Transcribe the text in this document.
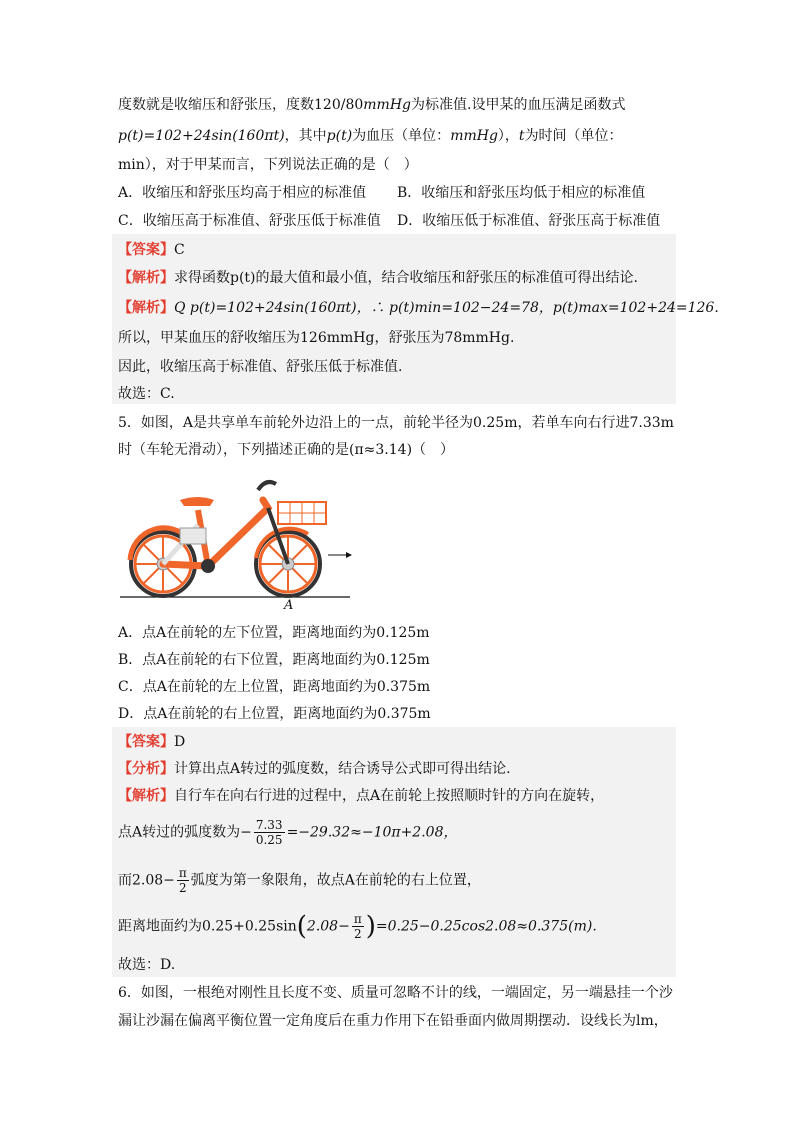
度数就是收缩压和舒张压，度数120/80mmHg为标准值.设甲某的血压满足函数式
p(t)=102+24sin(160πt)，其中p(t)为血压（单位：mmHg），t为时间（单位：
min），对于甲某而言，下列说法正确的是（　）
A．收缩压和舒张压均高于相应的标准值 B．收缩压和舒张压均低于相应的标准值
C．收缩压高于标准值、舒张压低于标准值 D．收缩压低于标准值、舒张压高于标准值
【答案】C
【解析】求得函数p(t)的最大值和最小值，结合收缩压和舒张压的标准值可得出结论.
【解析】Q p(t)=102+24sin(160πt)，∴ p(t)min=102−24=78，p(t)max=102+24=126.
所以，甲某血压的舒收缩压为126mmHg，舒张压为78mmHg.
因此，收缩压高于标准值、舒张压低于标准值.
故选：C.
5．如图，A是共享单车前轮外边沿上的一点，前轮半径为0.25m，若单车向右行进7.33m
时（车轮无滑动），下列描述正确的是(π≈3.14)（　）
A
A．点A在前轮的左下位置，距离地面约为0.125m
B．点A在前轮的右下位置，距离地面约为0.125m
C．点A在前轮的左上位置，距离地面约为0.375m
D．点A在前轮的右上位置，距离地面约为0.375m
【答案】D
【分析】计算出点A转过的弧度数，结合诱导公式即可得出结论.
【解析】自行车在向右行进的过程中，点A在前轮上按照顺时针的方向在旋转，
点A转过的弧度数为− $\frac{7.33}{0.25} =-29.32\approx-10\pi+2.08$，
而$2.08- \frac{\pi}{2}$ 弧度为第一象限角，故点A在前轮的右上位置，
距离地面约为$0.25+0.25\sin(2.08- \frac{\pi}{2} )=0.25-0.25\cos 2.08\approx 0.375(m)$.
故选：D.
6．如图，一根绝对刚性且长度不变、质量可忽略不计的线，一端固定，另一端悬挂一个沙
漏让沙漏在偏离平衡位置一定角度后在重力作用下在铅垂面内做周期摆动．设线长为lm，
